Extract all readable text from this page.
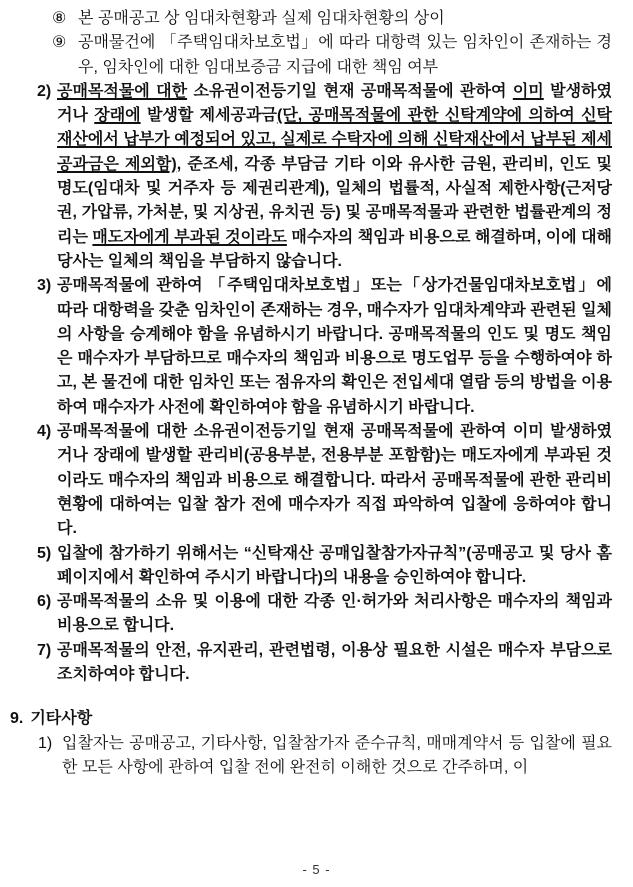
⑧ 본 공매공고 상 임대차현황과 실제 임대차현황의 상이
⑨ 공매물건에 「주택임대차보호법」에 따라 대항력 있는 임차인이 존재하는 경우, 임차인에 대한 임대보증금 지급에 대한 책임 여부
2) 공매목적물에 대한 소유권이전등기일 현재 공매목적물에 관하여 이미 발생하였거나 장래에 발생할 제세공과금(단, 공매목적물에 관한 신탁계약에 의하여 신탁재산에서 납부가 예정되어 있고, 실제로 수탁자에 의해 신탁재산에서 납부된 제세공과금은 제외함), 준조세, 각종 부담금 기타 이와 유사한 금원, 관리비, 인도 및 명도(임대차 및 거주자 등 제권리관계), 일체의 법률적, 사실적 제한사항(근저당권, 가압류, 가처분, 및 지상권, 유치권 등) 및 공매목적물과 관련한 법률관계의 정리는 매도자에게 부과된 것이라도 매수자의 책임과 비용으로 해결하며, 이에 대해 당사는 일체의 책임을 부담하지 않습니다.
3) 공매목적물에 관하여 「주택임대차보호법」또는「상가건물임대차보호법」에 따라 대항력을 갖춘 임차인이 존재하는 경우, 매수자가 임대차계약과 관련된 일체의 사항을 승계해야 함을 유념하시기 바랍니다. 공매목적물의 인도 및 명도 책임은 매수자가 부담하므로 매수자의 책임과 비용으로 명도업무 등을 수행하여야 하고, 본 물건에 대한 임차인 또는 점유자의 확인은 전입세대 열람 등의 방법을 이용하여 매수자가 사전에 확인하여야 함을 유념하시기 바랍니다.
4) 공매목적물에 대한 소유권이전등기일 현재 공매목적물에 관하여 이미 발생하였거나 장래에 발생할 관리비(공용부분, 전용부분 포함함)는 매도자에게 부과된 것이라도 매수자의 책임과 비용으로 해결합니다. 따라서 공매목적물에 관한 관리비 현황에 대하여는 입찰 참가 전에 매수자가 직접 파악하여 입찰에 응하여야 합니다.
5) 입찰에 참가하기 위해서는 “신탁재산 공매입찰참가자규칙”(공매공고 및 당사 홈페이지에서 확인하여 주시기 바랍니다)의 내용을 승인하여야 합니다.
6) 공매목적물의 소유 및 이용에 대한 각종 인·허가와 처리사항은 매수자의 책임과 비용으로 합니다.
7) 공매목적물의 안전, 유지관리, 관련법령, 이용상 필요한 시설은 매수자 부담으로 조치하여야 합니다.
9. 기타사항
1) 입찰자는 공매공고, 기타사항, 입찰참가자 준수규칙, 매매계약서 등 입찰에 필요한 모든 사항에 관하여 입찰 전에 완전히 이해한 것으로 간주하며, 이
- 5 -
